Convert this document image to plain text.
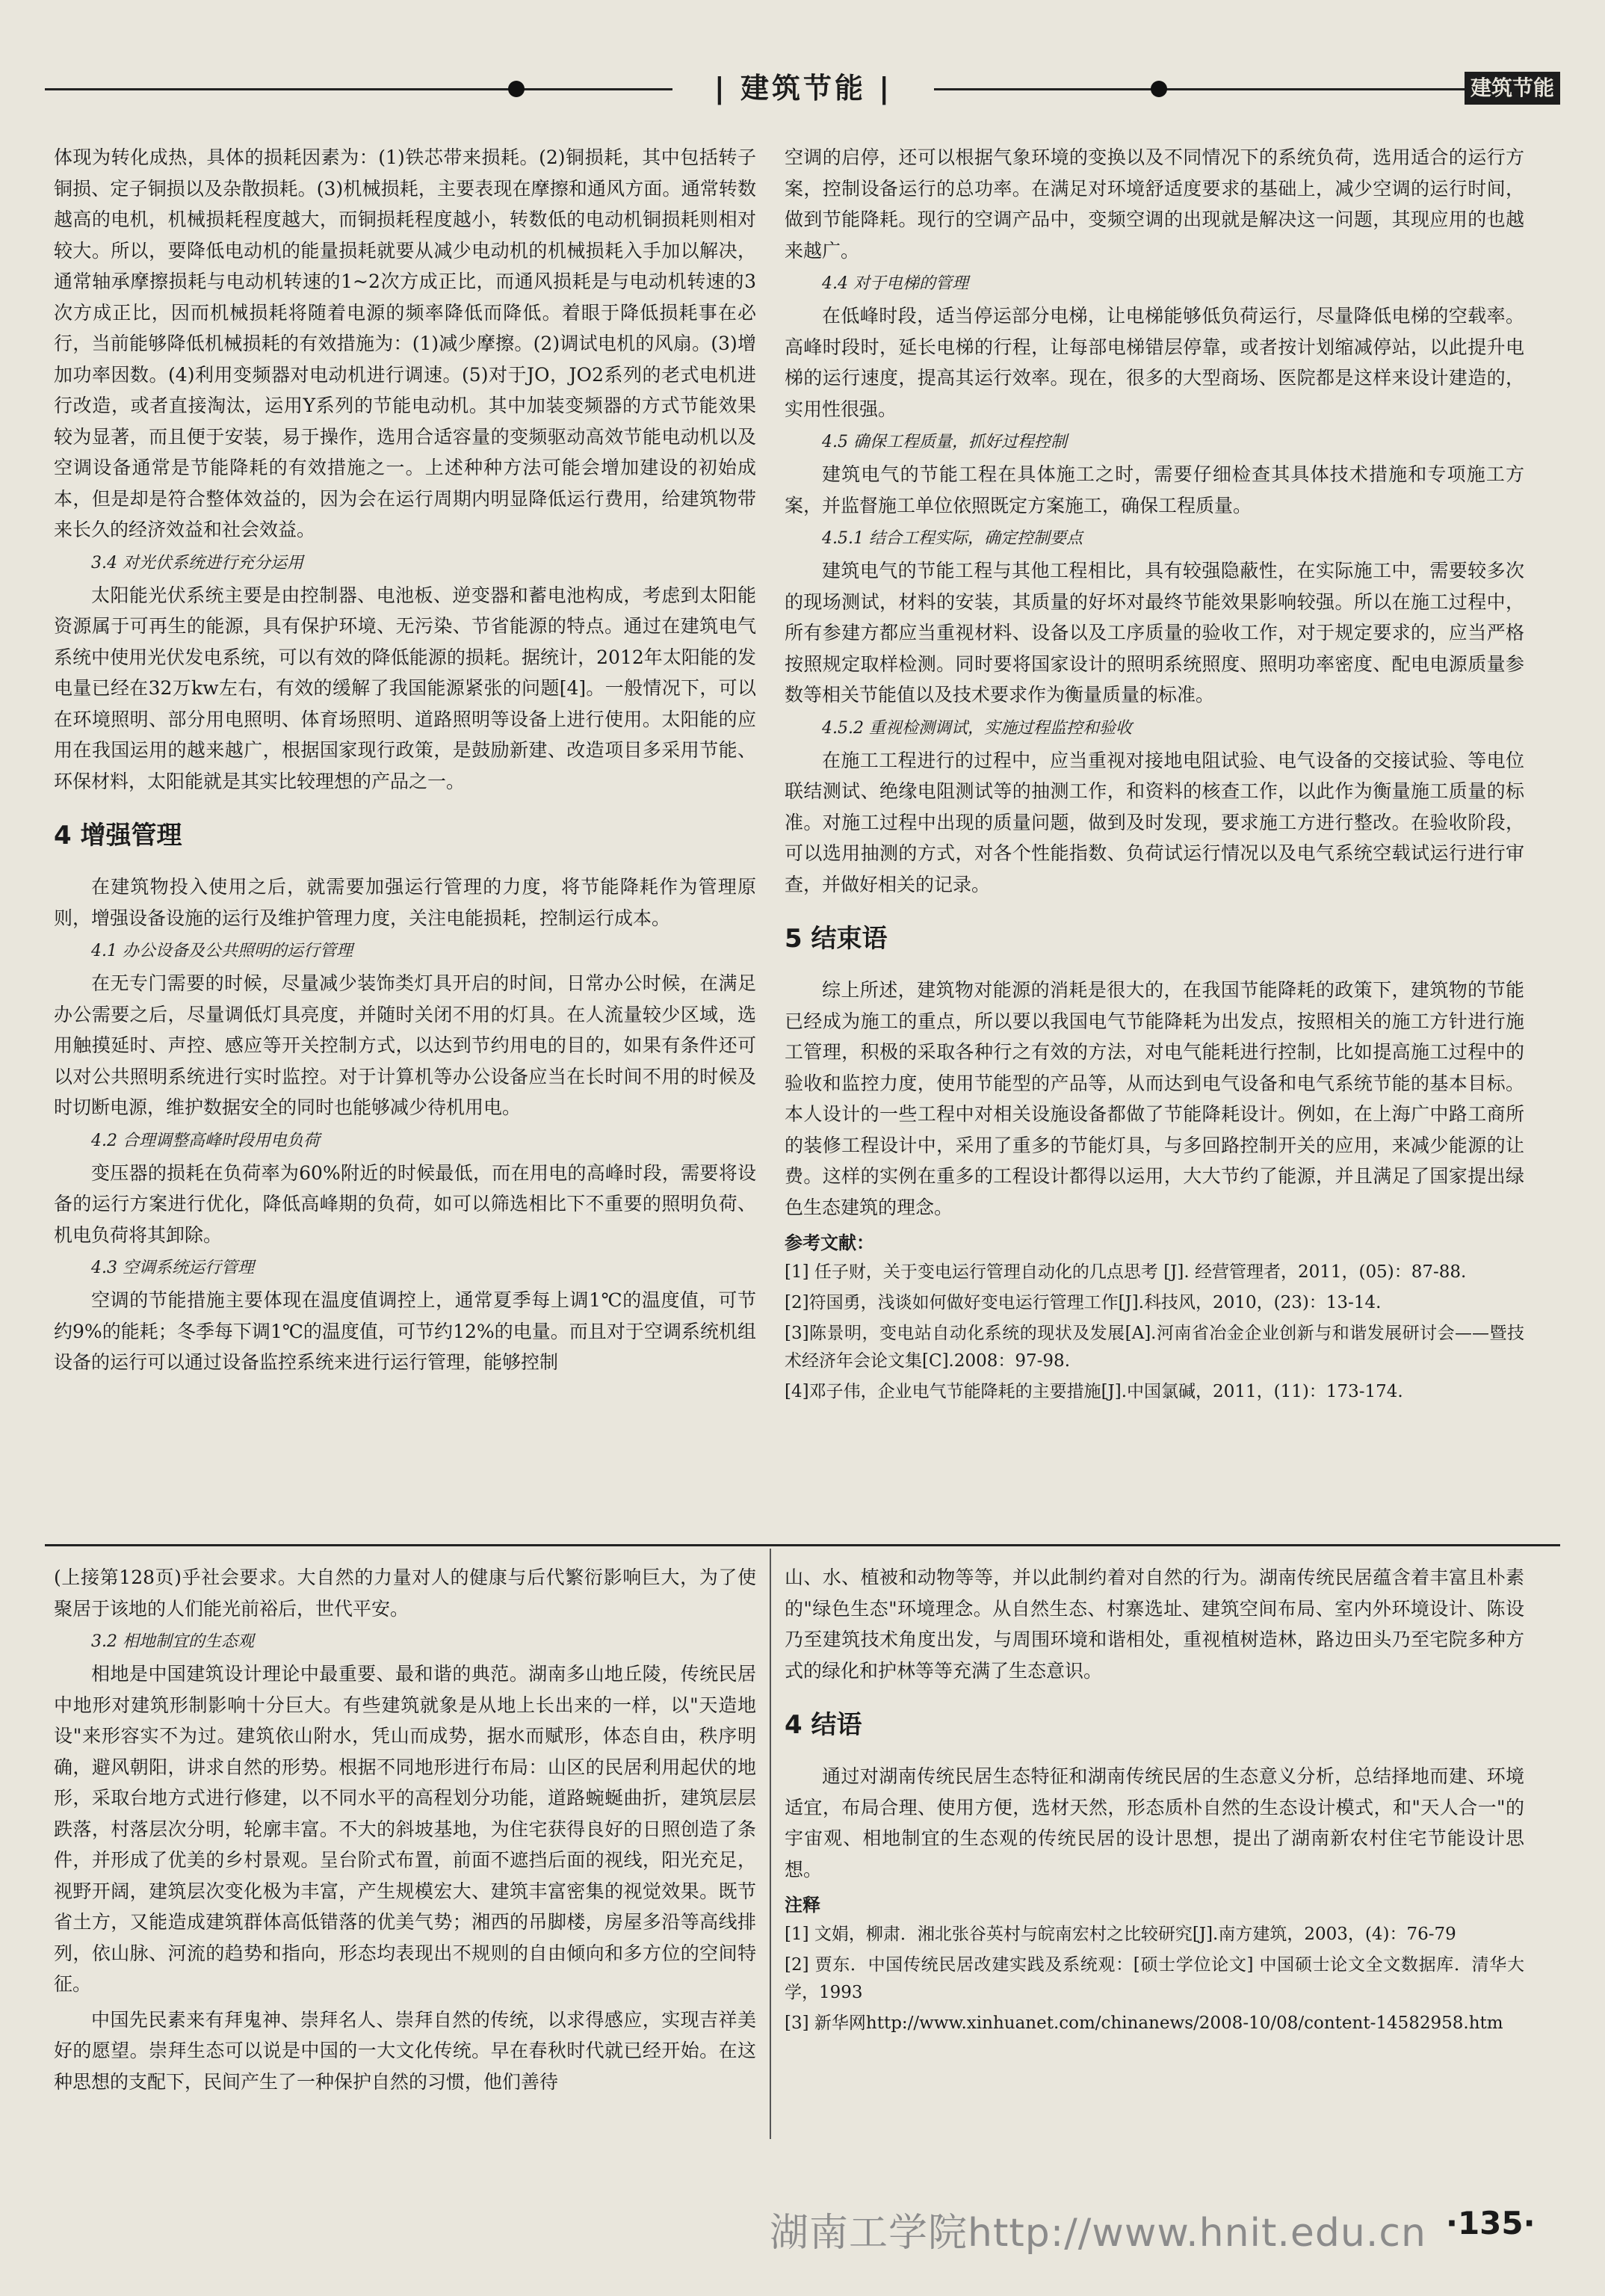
| 建筑节能 |	建筑节能

体现为转化成热，具体的损耗因素为：(1)铁芯带来损耗。(2)铜损耗，其中包括转子铜损、定子铜损以及杂散损耗。(3)机械损耗，主要表现在摩擦和通风方面。通常转数越高的电机，机械损耗程度越大，而铜损耗程度越小，转数低的电动机铜损耗则相对较大。所以，要降低电动机的能量损耗就要从减少电动机的机械损耗入手加以解决，通常轴承摩擦损耗与电动机转速的1~2次方成正比，而通风损耗是与电动机转速的3次方成正比，因而机械损耗将随着电源的频率降低而降低。着眼于降低损耗事在必行，当前能够降低机械损耗的有效措施为：(1)减少摩擦。(2)调试电机的风扇。(3)增加功率因数。(4)利用变频器对电动机进行调速。(5)对于JO，JO2系列的老式电机进行改造，或者直接淘汰，运用Y系列的节能电动机。其中加装变频器的方式节能效果较为显著，而且便于安装，易于操作，选用合适容量的变频驱动高效节能电动机以及空调设备通常是节能降耗的有效措施之一。上述种种方法可能会增加建设的初始成本，但是却是符合整体效益的，因为会在运行周期内明显降低运行费用，给建筑物带来长久的经济效益和社会效益。

3.4 对光伏系统进行充分运用

太阳能光伏系统主要是由控制器、电池板、逆变器和蓄电池构成，考虑到太阳能资源属于可再生的能源，具有保护环境、无污染、节省能源的特点。通过在建筑电气系统中使用光伏发电系统，可以有效的降低能源的损耗。据统计，2012年太阳能的发电量已经在32万kw左右，有效的缓解了我国能源紧张的问题[4]。一般情况下，可以在环境照明、部分用电照明、体育场照明、道路照明等设备上进行使用。太阳能的应用在我国运用的越来越广，根据国家现行政策，是鼓励新建、改造项目多采用节能、环保材料，太阳能就是其实比较理想的产品之一。

4 增强管理

在建筑物投入使用之后，就需要加强运行管理的力度，将节能降耗作为管理原则，增强设备设施的运行及维护管理力度，关注电能损耗，控制运行成本。

4.1 办公设备及公共照明的运行管理

在无专门需要的时候，尽量减少装饰类灯具开启的时间，日常办公时候，在满足办公需要之后，尽量调低灯具亮度，并随时关闭不用的灯具。在人流量较少区域，选用触摸延时、声控、感应等开关控制方式，以达到节约用电的目的，如果有条件还可以对公共照明系统进行实时监控。对于计算机等办公设备应当在长时间不用的时候及时切断电源，维护数据安全的同时也能够减少待机用电。

4.2 合理调整高峰时段用电负荷

变压器的损耗在负荷率为60%附近的时候最低，而在用电的高峰时段，需要将设备的运行方案进行优化，降低高峰期的负荷，如可以筛选相比下不重要的照明负荷、机电负荷将其卸除。

4.3 空调系统运行管理

空调的节能措施主要体现在温度值调控上，通常夏季每上调1℃的温度值，可节约9%的能耗；冬季每下调1℃的温度值，可节约12%的电量。而且对于空调系统机组设备的运行可以通过设备监控系统来进行运行管理，能够控制

空调的启停，还可以根据气象环境的变换以及不同情况下的系统负荷，选用适合的运行方案，控制设备运行的总功率。在满足对环境舒适度要求的基础上，减少空调的运行时间，做到节能降耗。现行的空调产品中，变频空调的出现就是解决这一问题，其现应用的也越来越广。

4.4 对于电梯的管理

在低峰时段，适当停运部分电梯，让电梯能够低负荷运行，尽量降低电梯的空载率。高峰时段时，延长电梯的行程，让每部电梯错层停靠，或者按计划缩减停站，以此提升电梯的运行速度，提高其运行效率。现在，很多的大型商场、医院都是这样来设计建造的，实用性很强。

4.5 确保工程质量，抓好过程控制

建筑电气的节能工程在具体施工之时，需要仔细检查其具体技术措施和专项施工方案，并监督施工单位依照既定方案施工，确保工程质量。

4.5.1 结合工程实际，确定控制要点

建筑电气的节能工程与其他工程相比，具有较强隐蔽性，在实际施工中，需要较多次的现场测试，材料的安装，其质量的好坏对最终节能效果影响较强。所以在施工过程中，所有参建方都应当重视材料、设备以及工序质量的验收工作，对于规定要求的，应当严格按照规定取样检测。同时要将国家设计的照明系统照度、照明功率密度、配电电源质量参数等相关节能值以及技术要求作为衡量质量的标准。

4.5.2 重视检测调试，实施过程监控和验收

在施工工程进行的过程中，应当重视对接地电阻试验、电气设备的交接试验、等电位联结测试、绝缘电阻测试等的抽测工作，和资料的核查工作，以此作为衡量施工质量的标准。对施工过程中出现的质量问题，做到及时发现，要求施工方进行整改。在验收阶段，可以选用抽测的方式，对各个性能指数、负荷试运行情况以及电气系统空载试运行进行审查，并做好相关的记录。

5 结束语

综上所述，建筑物对能源的消耗是很大的，在我国节能降耗的政策下，建筑物的节能已经成为施工的重点，所以要以我国电气节能降耗为出发点，按照相关的施工方针进行施工管理，积极的采取各种行之有效的方法，对电气能耗进行控制，比如提高施工过程中的验收和监控力度，使用节能型的产品等，从而达到电气设备和电气系统节能的基本目标。本人设计的一些工程中对相关设施设备都做了节能降耗设计。例如，在上海广中路工商所的装修工程设计中，采用了重多的节能灯具，与多回路控制开关的应用，来减少能源的让费。这样的实例在重多的工程设计都得以运用，大大节约了能源，并且满足了国家提出绿色生态建筑的理念。

参考文献：

[1] 任子财，关于变电运行管理自动化的几点思考 [J]. 经营管理者，2011，(05)：87-88.

[2]符国勇，浅谈如何做好变电运行管理工作[J].科技风，2010，(23)：13-14.

[3]陈景明，变电站自动化系统的现状及发展[A].河南省冶金企业创新与和谐发展研讨会——暨技术经济年会论文集[C].2008：97-98.

[4]邓子伟，企业电气节能降耗的主要措施[J].中国氯碱，2011，(11)：173-174.

(上接第128页)乎社会要求。大自然的力量对人的健康与后代繁衍影响巨大，为了使聚居于该地的人们能光前裕后，世代平安。

3.2 相地制宜的生态观

相地是中国建筑设计理论中最重要、最和谐的典范。湖南多山地丘陵，传统民居中地形对建筑形制影响十分巨大。有些建筑就象是从地上长出来的一样，以"天造地设"来形容实不为过。建筑依山附水，凭山而成势，据水而赋形，体态自由，秩序明确，避风朝阳，讲求自然的形势。根据不同地形进行布局：山区的民居利用起伏的地形，采取台地方式进行修建，以不同水平的高程划分功能，道路蜿蜒曲折，建筑层层跌落，村落层次分明，轮廓丰富。不大的斜坡基地，为住宅获得良好的日照创造了条件，并形成了优美的乡村景观。呈台阶式布置，前面不遮挡后面的视线，阳光充足，视野开阔，建筑层次变化极为丰富，产生规模宏大、建筑丰富密集的视觉效果。既节省土方，又能造成建筑群体高低错落的优美气势；湘西的吊脚楼，房屋多沿等高线排列，依山脉、河流的趋势和指向，形态均表现出不规则的自由倾向和多方位的空间特征。

中国先民素来有拜鬼神、崇拜名人、崇拜自然的传统，以求得感应，实现吉祥美好的愿望。崇拜生态可以说是中国的一大文化传统。早在春秋时代就已经开始。在这种思想的支配下，民间产生了一种保护自然的习惯，他们善待

山、水、植被和动物等等，并以此制约着对自然的行为。湖南传统民居蕴含着丰富且朴素的"绿色生态"环境理念。从自然生态、村寨选址、建筑空间布局、室内外环境设计、陈设乃至建筑技术角度出发，与周围环境和谐相处，重视植树造林，路边田头乃至宅院多种方式的绿化和护林等等充满了生态意识。

4 结语

通过对湖南传统民居生态特征和湖南传统民居的生态意义分析，总结择地而建、环境适宜，布局合理、使用方便，选材天然，形态质朴自然的生态设计模式，和"天人合一"的宇宙观、相地制宜的生态观的传统民居的设计思想，提出了湖南新农村住宅节能设计思想。

注释

[1] 文娟，柳肃．湘北张谷英村与皖南宏村之比较研究[J].南方建筑，2003，(4)：76-79

[2] 贾东．中国传统民居改建实践及系统观：[硕士学位论文] 中国硕士论文全文数据库．清华大学，1993

[3] 新华网http://www.xinhuanet.com/chinanews/2008-10/08/content-14582958.htm

湖南工学院http://www.hnit.edu.cn ·135·
